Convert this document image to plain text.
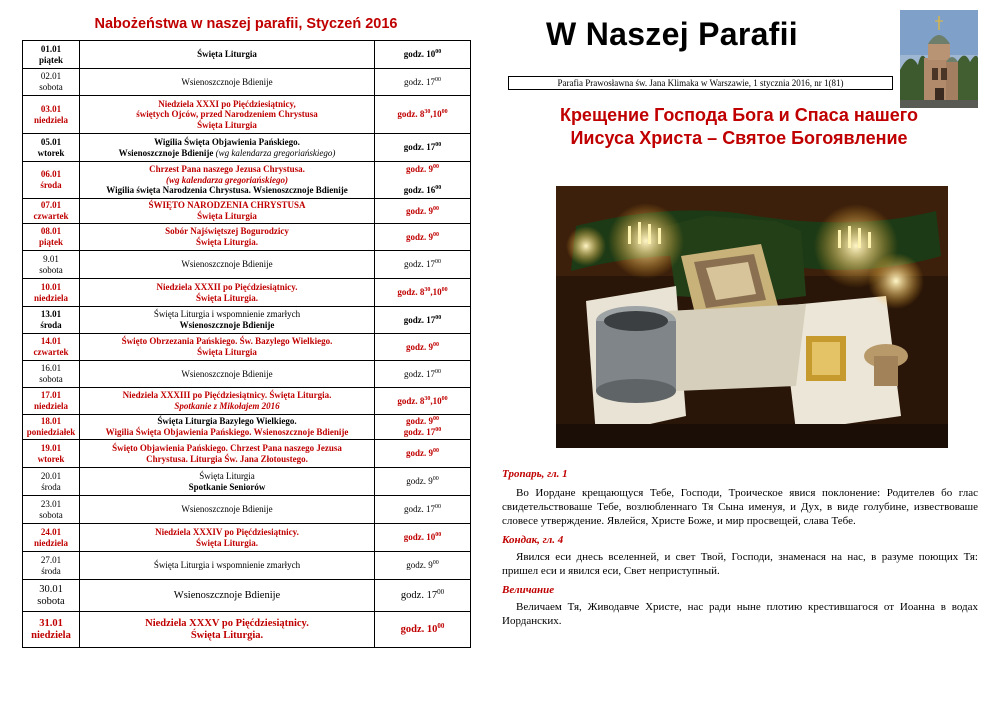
Nabożeństwa w naszej parafii, Styczeń 2016
01.01
piątek	Święta Liturgia	godz. $10^{00}$
02.01
sobota	Wsienoszcznoje Bdienije	godz. $17^{00}$
03.01
niedziela	Niedziela XXXI po Pięćdziesiątnicy,
świętych Ojców, przed Narodzeniem Chrystusa
Święta Liturgia	godz. $8^{30},10^{00}$
05.01
wtorek	Wigilia Święta Objawienia Pańskiego.
Wsienoszcznoje Bdienije (wg kalendarza gregoriańskiego)	godz. $17^{00}$
06.01
środa	Chrzest Pana naszego Jezusa Chrystusa.
(wg kalendarza gregoriańskiego)
Wigilia święta Narodzenia Chrystusa. Wsienoszcznoje Bdienije	godz. $9^{00}$

godz. $16^{00}$
07.01
czwartek	ŚWIĘTO NARODZENIA CHRYSTUSA
Święta Liturgia	godz. $9^{00}$
08.01
piątek	Sobór Najświętszej Bogurodzicy
Święta Liturgia.	godz. $9^{00}$
9.01
sobota	Wsienoszcznoje Bdienije	godz. $17^{00}$
10.01
niedziela	Niedziela XXXII po Pięćdziesiątnicy.
Święta Liturgia.	godz. $8^{30},10^{00}$
13.01
środa	Święta Liturgia i wspomnienie zmarłych
Wsienoszcznoje Bdienije	godz. $17^{00}$
14.01
czwartek	Święto Obrzezania Pańskiego. Św. Bazylego Wielkiego.
Święta Liturgia	godz. $9^{00}$
16.01
sobota	Wsienoszcznoje Bdienije	godz. $17^{00}$
17.01
niedziela	Niedziela XXXIII po Pięćdziesiątnicy. Święta Liturgia.
Spotkanie z Mikołajem 2016	godz. $8^{30},10^{00}$
18.01
poniedziałek	Święta Liturgia Bazylego Wielkiego.
Wigilia Święta Objawienia Pańskiego. Wsienoszcznoje Bdienije	godz. $9^{00}$
godz. $17^{00}$
19.01
wtorek	Święto Objawienia Pańskiego. Chrzest Pana naszego Jezusa
Chrystusa. Liturgia Św. Jana Złotoustego.	godz. $9^{00}$
20.01
środa	Święta Liturgia
Spotkanie Seniorów	godz. $9^{00}$
23.01
sobota	Wsienoszcznoje Bdienije	godz. $17^{00}$
24.01
niedziela	Niedziela XXXIV po Pięćdziesiątnicy.
Święta Liturgia.	godz. $10^{00}$
27.01
środa	Święta Liturgia i wspomnienie zmarłych	godz. $9^{00}$
30.01
sobota	Wsienoszcznoje Bdienije	godz. $17^{00}$
31.01
niedziela	Niedziela XXXV po Pięćdziesiątnicy.
Święta Liturgia.	godz. $10^{00}$
W Naszej Parafii
Parafia Prawosławna św. Jana Klimaka w Warszawie, 1 stycznia 2016, nr 1(81)
Крещение Господа Бога и Спаса нашего
Иисуса Христа – Святое Богоявление
Тропарь, гл. 1
Во Иордане крещающуся Тебе, Господи, Троическое явися поклонение: Родителев бо глас свидетельствоваше Тебе, возлюбленнаго Тя Сына именуя, и Дух, в виде голубине, извествоваше словесе утверждение. Явлейся, Христе Боже, и мир просвещей, слава Тебе.
Кондак, гл. 4
Явился еси днесь вселенней, и свет Твой, Господи, знаменася на нас, в разуме поющих Тя: пришел еси и явился еси, Свет неприступный.
Величание
Величаем Тя, Живодавче Христе, нас ради ныне плотию крестившагося от Иоанна в водах Иорданских.
